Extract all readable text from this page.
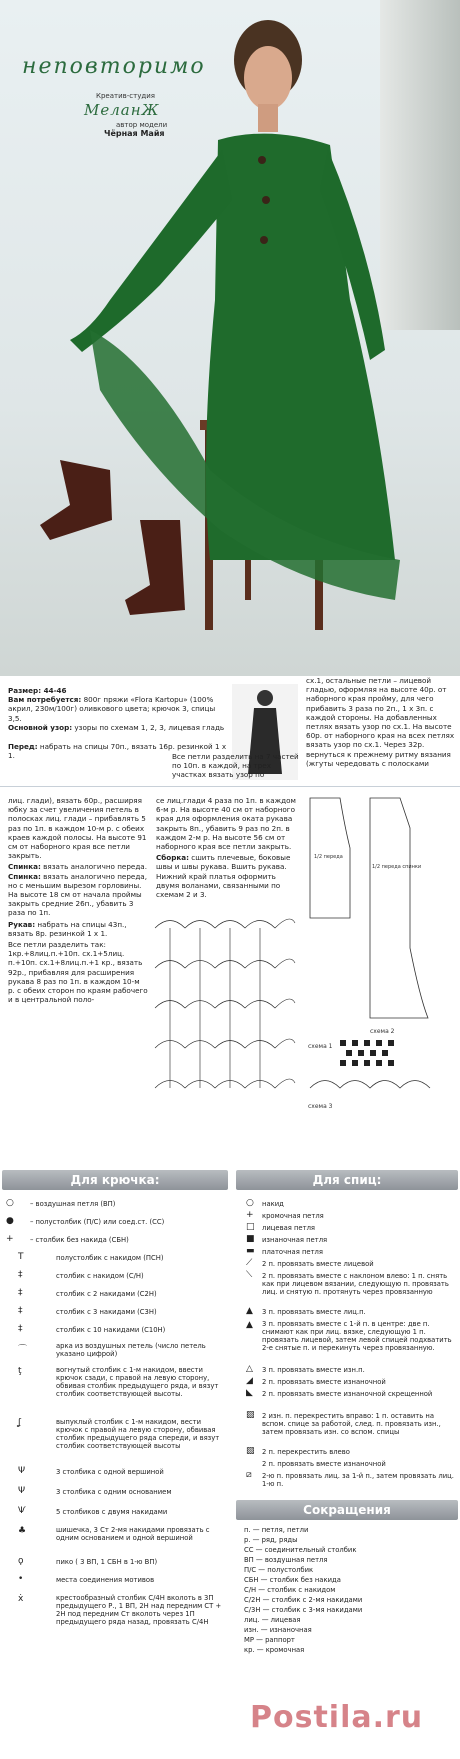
неповторимо
Креатив-студия
МеланЖ
автор модели
Чёрная Майя
Размер: 44-46
Вам потребуется: 800г пряжи «Flora Kartopu» (100% акрил, 230м/100г) оливкового цвета; крючок 3, спицы 3,5.
Основной узор: узоры по схемам 1, 2, 3, лицевая гладь
Перед: набрать на спицы 70п., вязать 16р. резинкой 1 х 1.	Все петли разделить на 7 частей по 10п. в каждой, на трех участках вязать узор по
сх.1, остальные петли – лицевой гладью, оформляя на высоте 40р. от наборного края пройму, для чего прибавить 3 раза по 2п., 1 х 3п. с каждой стороны. На добавленных петлях вязать узор по сх.1. На высоте 60р. от наборного края на всех петлях вязать узор по сх.1. Через 32р. вернуться к прежнему ритму вязания (жгуты чередовать с полосками
лиц. глади), вязать 60р., расширяя юбку за счет увеличения петель в полосках лиц. глади – прибавлять 5 раз по 1п. в каждом 10-м р. с обеих краев каждой полосы. На высоте 91 см от наборного края все петли закрыть.
Спинка: вязать аналогично переда.
Спинка: вязать аналогично переда, но с меньшим вырезом горловины. На высоте 18 см от начала проймы закрыть средние 26п., убавить 3 раза по 1п.
Рукав: набрать на спицы 43п., вязать 8р. резинкой 1 х 1.
Все петли разделить так: 1кр.+8лиц.п.+10п. сх.1+5лиц. п.+10п. сх.1+8лиц.п.+1 кр., вязать 92р., прибавляя для расширения рукава 8 раз по 1п. в каждом 10-м р. с обеих сторон по краям рабочего и в центральной поло-
се лиц.глади 4 раза по 1п. в каждом 6-м р. На высоте 40 см от наборного края для оформления оката рукава закрыть 8п., убавить 9 раз по 2п. в каждом 2-м р. На высоте 56 см от наборного края все петли закрыть.
Сборка: сшить плечевые, боковые швы и швы рукава. Вшить рукава. Нижний край платья оформить двумя воланами, связанными по схемам 2 и 3.
1/2 переда
1/2 переда спинки
схема 2
схема 1
схема 3
Для крючка:	Для спиц:
○ – воздушная петля (ВП)
● – полустолбик (П/С) или соед.ст. (СС)
+ – столбик без накида (СБН)
T	полустолбик с накидом (ПСН)
‡	столбик с накидом (С/Н)
‡	столбик с 2 накидами (С2Н)
‡	столбик с 3 накидами (С3Н)
‡	столбик с 10 накидами (С10Н)
⌒	арка из воздушных петель (число петель указано цифрой)
ţ	вогнутый столбик с 1-м накидом, ввести крючок сзади, с правой на левую сторону, обвивая столбик предыдущего ряда, и вязут столбик соответствующей высоты.
ʆ	выпуклый столбик с 1-м накидом, вести крючок с правой на левую сторону, обвивая столбик предыдущего ряда спереди, и вязут столбик соответствующей высоты
Ψ	3 столбика с одной вершиной
Ψ	3 столбика с одним основанием
Ѱ	5 столбиков с двумя накидами
♣	шишечка, 3 Ст 2-мя накидами провязать с одним основанием и одной вершиной
ϙ	пико ( 3 ВП, 1 СБН в 1-ю ВП)
•	места соединения мотивов
ẋ	крестообразный столбик С/4Н вколоть в 3П предыдущего Р., 1 ВП, 2Н над передним СТ + 2Н под передним Ст вколоть через 1П предыдущего ряда назад, провязать С/4Н
○ накид
+ кромочная петля
□ лицевая петля
■ изнаночная петля
▬ платочная петля
⟋ 2 п. провязать вместе лицевой
⟍ 2 п. провязать вместе с наклоном влево: 1 п. снять как при лицевом вязании, следующую п. провязать лиц. и снятую п. протянуть через провязанную
▲ 3 п. провязать вместе лиц.п.
▲ 3 п. провязать вместе с 1-й п. в центре: две п. снимают как при лиц. вязке, следующую 1 п. провязать лицевой, затем левой спицей подхватить 2-е снятые п. и перекинуть через провязанную.
△ 3 п. провязать вместе изн.п.
◢ 2 п. провязать вместе изнаночной
◣ 2 п. провязать вместе изнаночной скрещенной
▨ 2 изн. п. перекрестить вправо: 1 п. оставить на вспом. спице за работой, след. п. провязать изн., затем провязать изн. со вспом. спицы
▧ 2 п. перекрестить влево
2 п. провязать вместе изнаночной
⧄ 2-ю п. провязать лиц. за 1-й п., затем провязать лиц. 1-ю п.
Сокращения
п. — петля, петли
р. — ряд, ряды
СС — соединительный столбик
ВП — воздушная петля
П/С — полустолбик
СБН — столбик без накида
С/Н — столбик с накидом
С/2Н — столбик с 2-мя накидами
С/3Н — столбик с 3-мя накидами
лиц. — лицевая
изн. — изнаночная
МР — раппорт
кр. — кромочная
Postila.ru
